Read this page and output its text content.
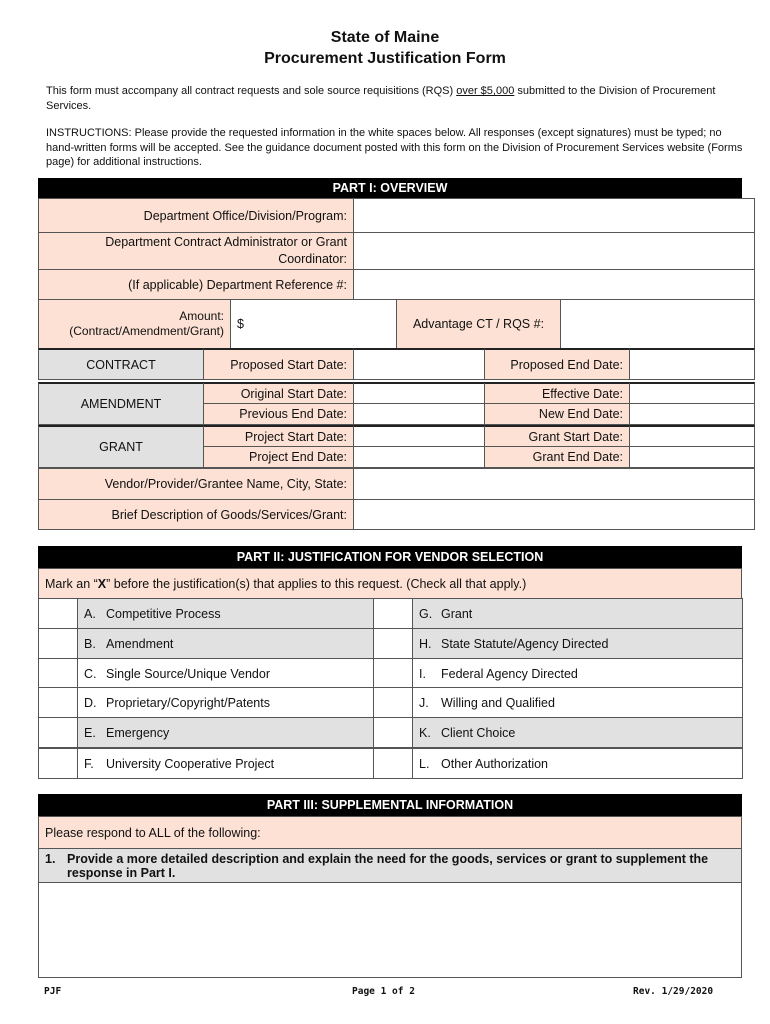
State of Maine
Procurement Justification Form
This form must accompany all contract requests and sole source requisitions (RQS) over $5,000 submitted to the Division of Procurement Services.
INSTRUCTIONS: Please provide the requested information in the white spaces below. All responses (except signatures) must be typed; no hand-written forms will be accepted. See the guidance document posted with this form on the Division of Procurement Services website (Forms page) for additional instructions.
PART I: OVERVIEW
Department Office/Division/Program:
Department Contract Administrator or Grant Coordinator:
(If applicable) Department Reference #:
Amount: (Contract/Amendment/Grant)	$	Advantage CT / RQS #:
CONTRACT	Proposed Start Date:	Proposed End Date:
AMENDMENT
Original Start Date:	Effective Date:
Previous End Date:	New End Date:
GRANT
Project Start Date:	Grant Start Date:
Project End Date:	Grant End Date:
Vendor/Provider/Grantee Name, City, State:
Brief Description of Goods/Services/Grant:
PART II: JUSTIFICATION FOR VENDOR SELECTION
Mark an “ X ” before the justification(s) that applies to this request. (Check all that apply.)
A. Competitive Process	G. Grant
B. Amendment	H. State Statute/Agency Directed
C. Single Source/Unique Vendor	I.	Federal Agency Directed
D. Proprietary/Copyright/Patents	J. Willing and Qualified
E. Emergency	K. Client Choice
F. University Cooperative Project	L. Other Authorization
PART III: SUPPLEMENTAL INFORMATION
Please respond to ALL of the following:
1. Provide a more detailed description and explain the need for the goods, services or grant to supplement the response in Part I.
PJF	Page 1 of 2	Rev. 1/29/2020
